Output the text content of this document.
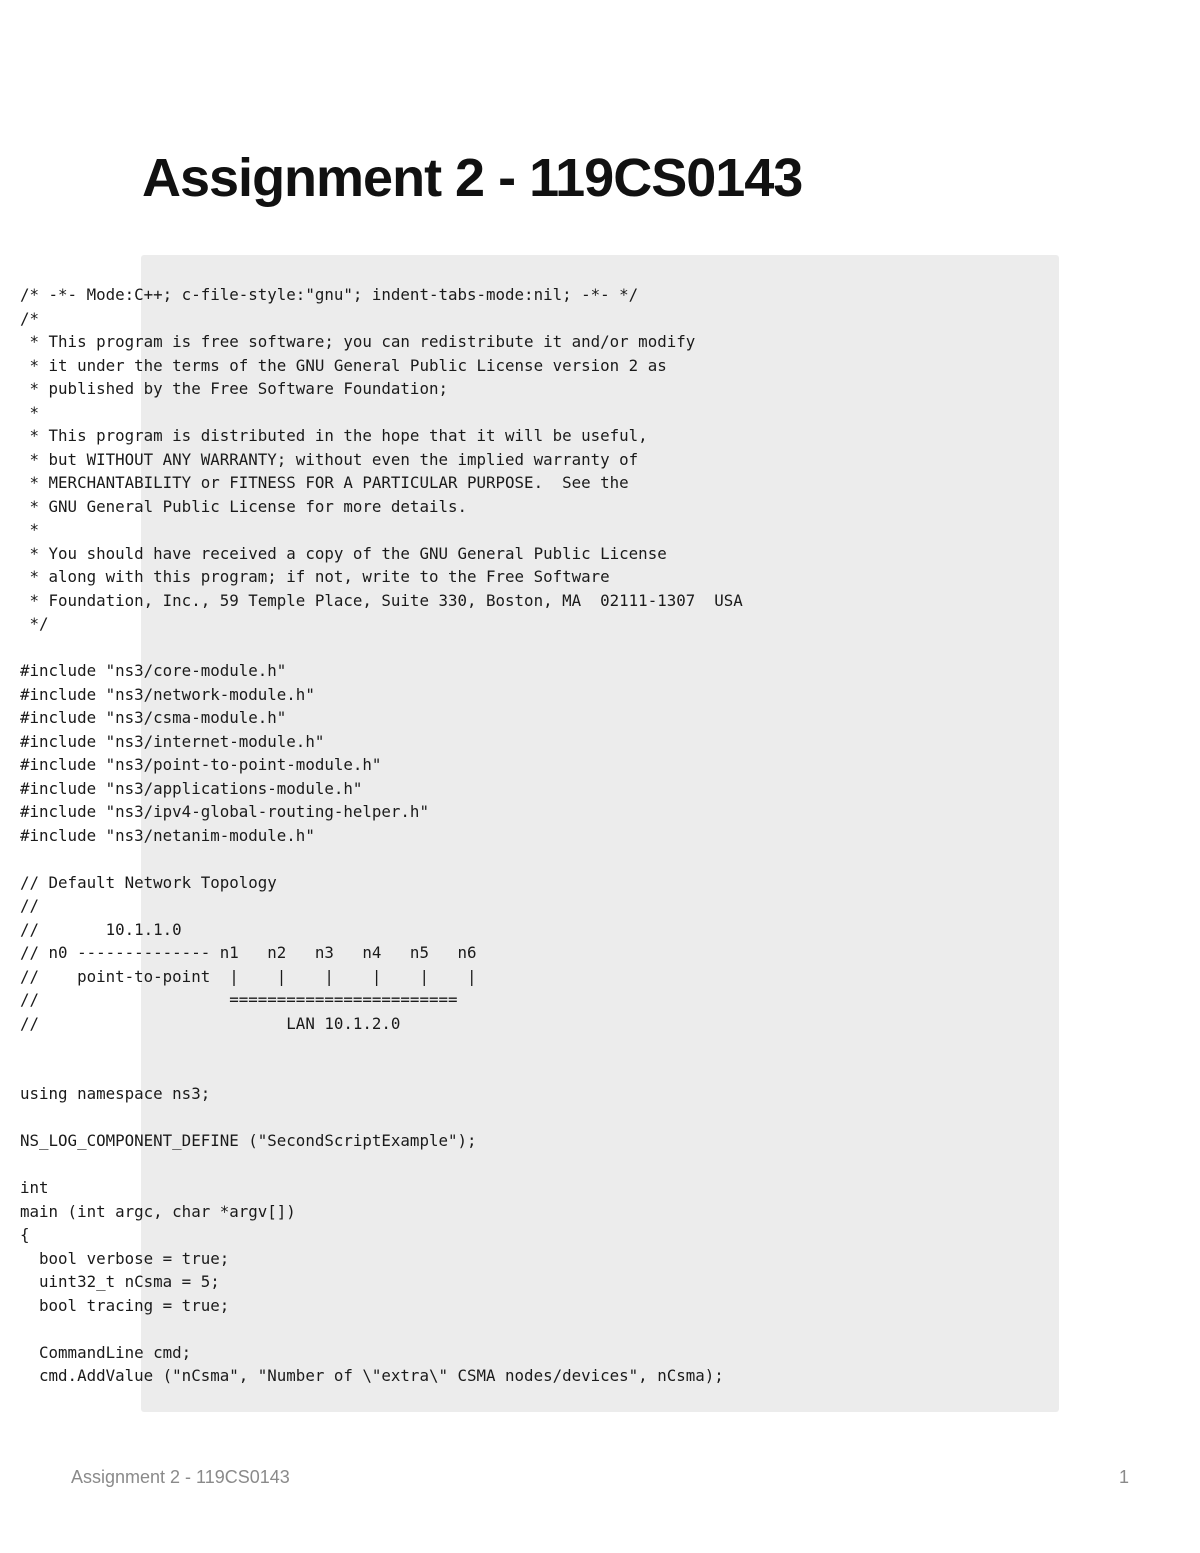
Assignment 2 - 119CS0143
/* -*- Mode:C++; c-file-style:"gnu"; indent-tabs-mode:nil; -*- */
/*
* This program is free software; you can redistribute it and/or modify
* it under the terms of the GNU General Public License version 2 as
* published by the Free Software Foundation;
*
* This program is distributed in the hope that it will be useful,
* but WITHOUT ANY WARRANTY; without even the implied warranty of
* MERCHANTABILITY or FITNESS FOR A PARTICULAR PURPOSE.  See the
* GNU General Public License for more details.
*
* You should have received a copy of the GNU General Public License
* along with this program; if not, write to the Free Software
* Foundation, Inc., 59 Temple Place, Suite 330, Boston, MA  02111-1307  USA
*/
#include "ns3/core-module.h"
#include "ns3/network-module.h"
#include "ns3/csma-module.h"
#include "ns3/internet-module.h"
#include "ns3/point-to-point-module.h"
#include "ns3/applications-module.h"
#include "ns3/ipv4-global-routing-helper.h"
#include "ns3/netanim-module.h"
// Default Network Topology
//
//       10.1.1.0
// n0 -------------- n1   n2   n3   n4   n5   n6
//    point-to-point  |    |    |    |    |    |
//                    ========================
//                          LAN 10.1.2.0
using namespace ns3;
NS_LOG_COMPONENT_DEFINE ("SecondScriptExample");
int
main (int argc, char *argv[])
{
bool verbose = true;
uint32_t nCsma = 5;
bool tracing = true;
CommandLine cmd;
cmd.AddValue ("nCsma", "Number of \"extra\" CSMA nodes/devices", nCsma);
Assignment 2 - 119CS0143	1
